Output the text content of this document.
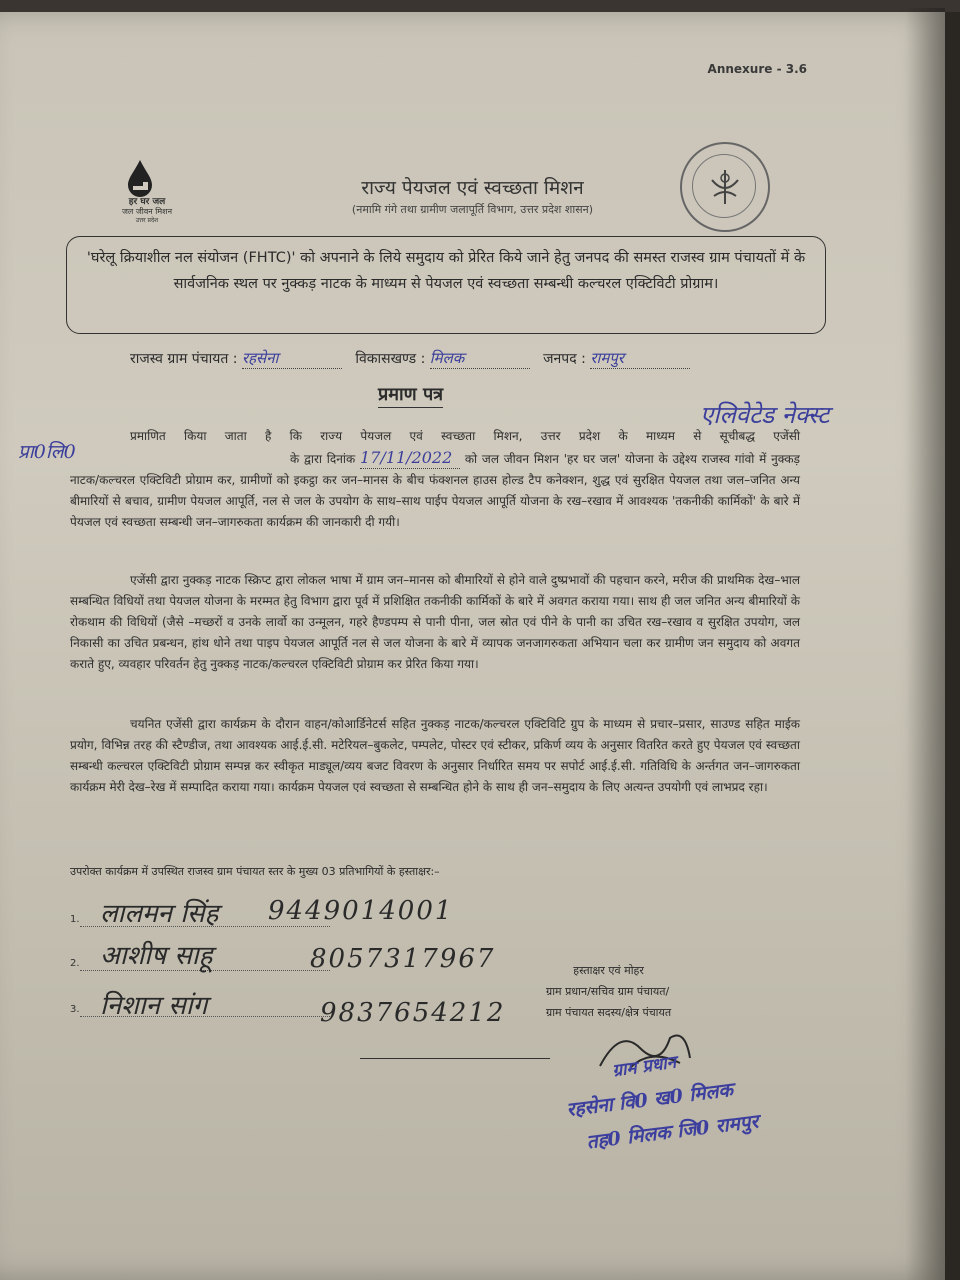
Annexure - 3.6
हर घर जल
जल जीवन मिशन
उत्तर प्रदेश
राज्य पेयजल एवं स्वच्छता मिशन
(नमामि गंगे तथा ग्रामीण जलापूर्ति विभाग, उत्तर प्रदेश शासन)
'घरेलू क्रियाशील नल संयोजन (FHTC)' को अपनाने के लिये समुदाय को प्रेरित किये जाने हेतु जनपद की समस्त राजस्व ग्राम पंचायतों में के सार्वजनिक स्थल पर नुक्कड़ नाटक के माध्यम से पेयजल एवं स्वच्छता सम्बन्धी कल्चरल एक्टिविटी प्रोग्राम।
राजस्व ग्राम पंचायत : रहसेना	विकासखण्ड : मिलक	जनपद : रामपुर
प्रमाण पत्र
एलिवेटेड नेक्स्ट
प्रा0लि0
प्रमाणित किया जाता है कि राज्य पेयजल एवं स्वच्छता मिशन, उत्तर प्रदेश के माध्यम से सूचीबद्ध एजेंसी के द्वारा दिनांक 17/11/2022 को जल जीवन मिशन 'हर घर जल' योजना के उद्देश्य राजस्व गांवो में नुक्कड़ नाटक/कल्चरल एक्टिविटी प्रोग्राम कर, ग्रामीणों को इकट्ठा कर जन–मानस के बीच फंक्शनल हाउस होल्ड टैप कनेक्शन, शुद्ध एवं सुरक्षित पेयजल तथा जल–जनित अन्य बीमारियों से बचाव, ग्रामीण पेयजल आपूर्ति, नल से जल के उपयोग के साथ–साथ पाईप पेयजल आपूर्ति योजना के रख–रखाव में आवश्यक 'तकनीकी कार्मिकों' के बारे में पेयजल एवं स्वच्छता सम्बन्धी जन–जागरुकता कार्यक्रम की जानकारी दी गयी।
एजेंसी द्वारा नुक्कड़ नाटक स्क्रिप्ट द्वारा लोकल भाषा में ग्राम जन–मानस को बीमारियों से होने वाले दुष्प्रभावों की पहचान करने, मरीज की प्राथमिक देख–भाल सम्बन्धित विधियों तथा पेयजल योजना के मरम्मत हेतु विभाग द्वारा पूर्व में प्रशिक्षित तकनीकी कार्मिकों के बारे में अवगत कराया गया। साथ ही जल जनित अन्य बीमारियों के रोकथाम की विधियों (जैसे –मच्छरों व उनके लार्वो का उन्मूलन, गहरे हैण्डपम्प से पानी पीना, जल स्रोत एवं पीने के पानी का उचित रख–रखाव व सुरक्षित उपयोग, जल निकासी का उचित प्रबन्धन, हांथ धोने तथा पाइप पेयजल आपूर्ति नल से जल योजना के बारे में व्यापक जनजागरुकता अभियान चला कर ग्रामीण जन समुदाय को अवगत कराते हुए, व्यवहार परिवर्तन हेतु नुक्कड़ नाटक/कल्चरल एक्टिविटी प्रोग्राम कर प्रेरित किया गया।
चयनित एजेंसी द्वारा कार्यक्रम के दौरान वाहन/कोआर्डिनेटर्स सहित नुक्कड़ नाटक/कल्चरल एक्टिविटि ग्रुप के माध्यम से प्रचार–प्रसार, साउण्ड सहित माईक प्रयोग, विभिन्न तरह की स्टैण्डीज, तथा आवश्यक आई.ई.सी. मटेरियल–बुकलेट, पम्पलेट, पोस्टर एवं स्टीकर, प्रकिर्ण व्यय के अनुसार वितरित करते हुए पेयजल एवं स्वच्छता सम्बन्धी कल्चरल एक्टिविटी प्रोग्राम सम्पन्न कर स्वीकृत माड्यूल/व्यय बजट विवरण के अनुसार निर्धारित समय पर सपोर्ट आई.ई.सी. गतिविधि के अर्न्तगत जन–जागरुकता कार्यक्रम मेरी देख–रेख में सम्पादित कराया गया। कार्यक्रम पेयजल एवं स्वच्छता से सम्बन्धित होने के साथ ही जन–समुदाय के लिए अत्यन्त उपयोगी एवं लाभप्रद रहा।
उपरोक्त कार्यक्रम में उपस्थित राजस्व ग्राम पंचायत स्तर के मुख्य 03 प्रतिभागियों के हस्ताक्षर:–
1. लालमन सिंह 9449014001
2. आशीष साहू	8057317967
3. निशान सांग	9837654212
हस्ताक्षर एवं मोहर
ग्राम प्रधान/सचिव ग्राम पंचायत/
ग्राम पंचायत सदस्य/क्षेत्र पंचायत
ग्राम प्रधान
रहसेना वि0 ख0 मिलक
तह0 मिलक जि0 रामपुर
